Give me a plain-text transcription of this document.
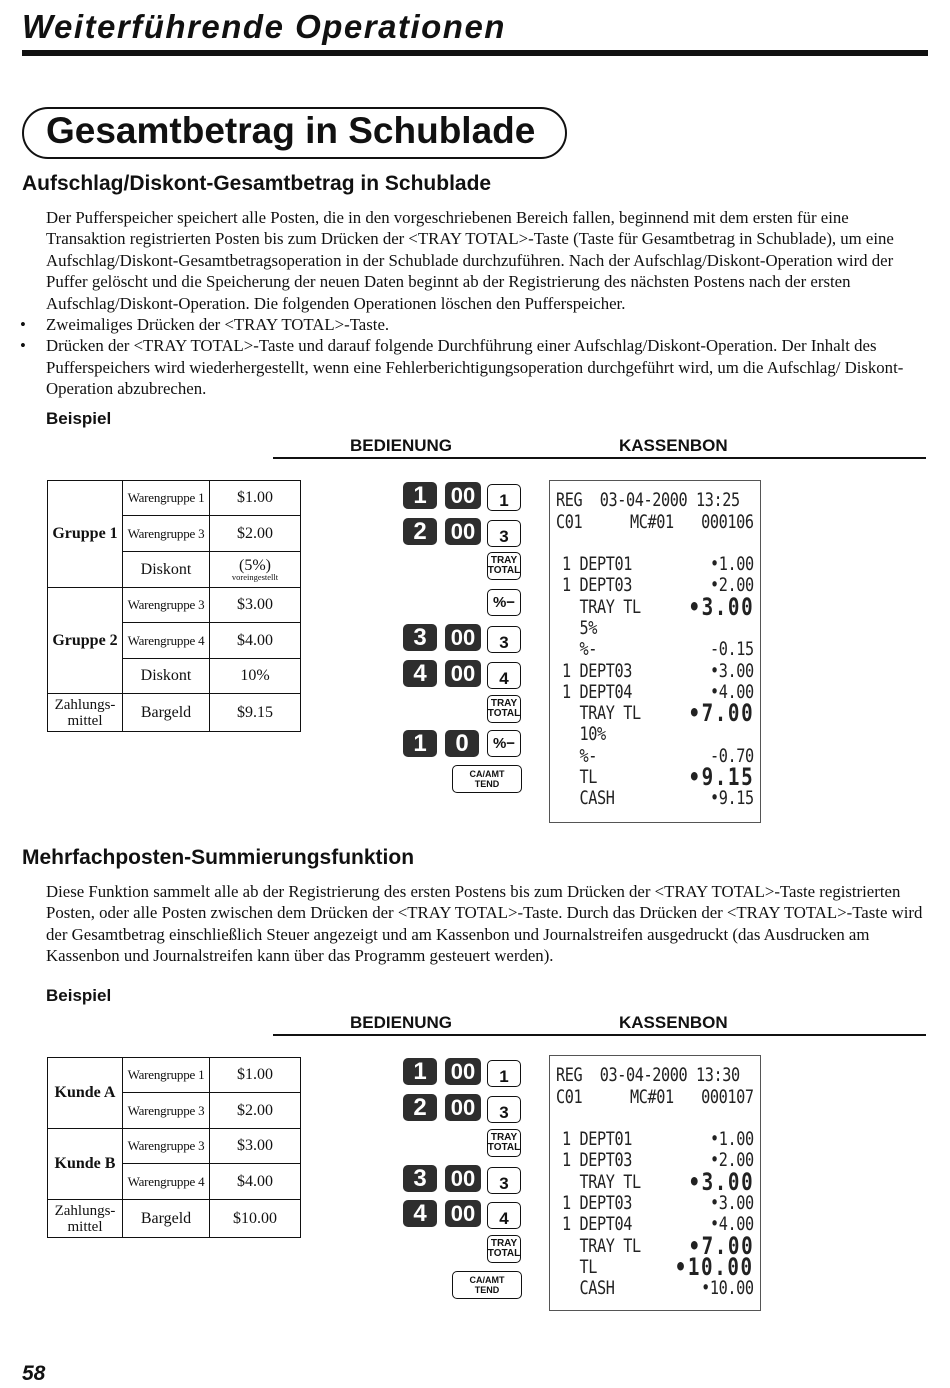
Weiterführende Operationen
Gesamtbetrag in Schublade
Aufschlag/Diskont-Gesamtbetrag in Schublade

Der Pufferspeicher speichert alle Posten, die in den vorgeschriebenen Bereich fallen, beginnend mit dem ersten für eine Transaktion registrierten Posten bis zum Drücken der <TRAY TOTAL>-Taste (Taste für Gesamtbetrag in Schublade), um eine Aufschlag/Diskont-Gesamtbetragsoperation in der Schublade durchzuführen. Nach der Aufschlag/Diskont-Operation wird der Puffer gelöscht und die Speicherung der neuen Daten beginnt ab der Registrierung des nächsten Postens nach der ersten Aufschlag/Diskont-Operation. Die folgenden Operationen löschen den Pufferspeicher.

• Zweimaliges Drücken der <TRAY TOTAL>-Taste.

• Drücken der <TRAY TOTAL>-Taste und darauf folgende Durchführung einer Aufschlag/Diskont-Operation. Der Inhalt des Pufferspeichers wird wiederhergestellt, wenn eine Fehlerberichtigungsoperation durchgeführt wird, um die Aufschlag/ Diskont-Operation abzubrechen.

Beispiel
BEDIENUNG	KASSENBON
Gruppe 1	Warengruppe 1	$1.00
	Warengruppe 3	$2.00
	Diskont	(5%)
voreingestellt

Gruppe 2	Warengruppe 3	$3.00
	Warengruppe 4	$4.00
	Diskont	10%
Zahlungs-
mittel	Bargeld	$9.15
1	00	1
2	00	3
TRAY
TOTAL
%−
3	00	3
4	00	4
TRAY
TOTAL
1	0	%−
CA/AMT
TEND
REG  03-04-2000 13:25
C01	MC#01 000106
1 DEPT01	•1.00
1 DEPT03	•2.00
TRAY TL •3.00
5%
%-	-0.15
1 DEPT03	•3.00
1 DEPT04	•4.00
TRAY TL •7.00
10%
%-	-0.70
TL	•9.15
CASH	•9.15
Mehrfachposten-Summierungsfunktion

Diese Funktion sammelt alle ab der Registrierung des ersten Postens bis zum Drücken der <TRAY TOTAL>-Taste registrierten Posten, oder alle Posten zwischen dem Drücken der <TRAY TOTAL>-Taste. Durch das Drücken der <TRAY TOTAL>-Taste wird der Gesamtbetrag einschließlich Steuer angezeigt und am Kassenbon und Journalstreifen ausgedruckt (das Ausdrucken am Kassenbon und Journalstreifen kann über das Programm gesteuert werden).

Beispiel
BEDIENUNG	KASSENBON
Kunde A	Warengruppe 1	$1.00
	Warengruppe 3	$2.00
Kunde B	Warengruppe 3	$3.00
	Warengruppe 4	$4.00
Zahlungs-
mittel	Bargeld	$10.00
1	00	1
2	00	3
TRAY
TOTAL
3	00	3
4	00	4
TRAY
TOTAL
CA/AMT
TEND
REG  03-04-2000 13:30
C01	MC#01 000107
1 DEPT01	•1.00
1 DEPT03	•2.00
TRAY TL •3.00
1 DEPT03	•3.00
1 DEPT04	•4.00
TRAY TL •7.00
TL	•10.00
CASH	•10.00
58
